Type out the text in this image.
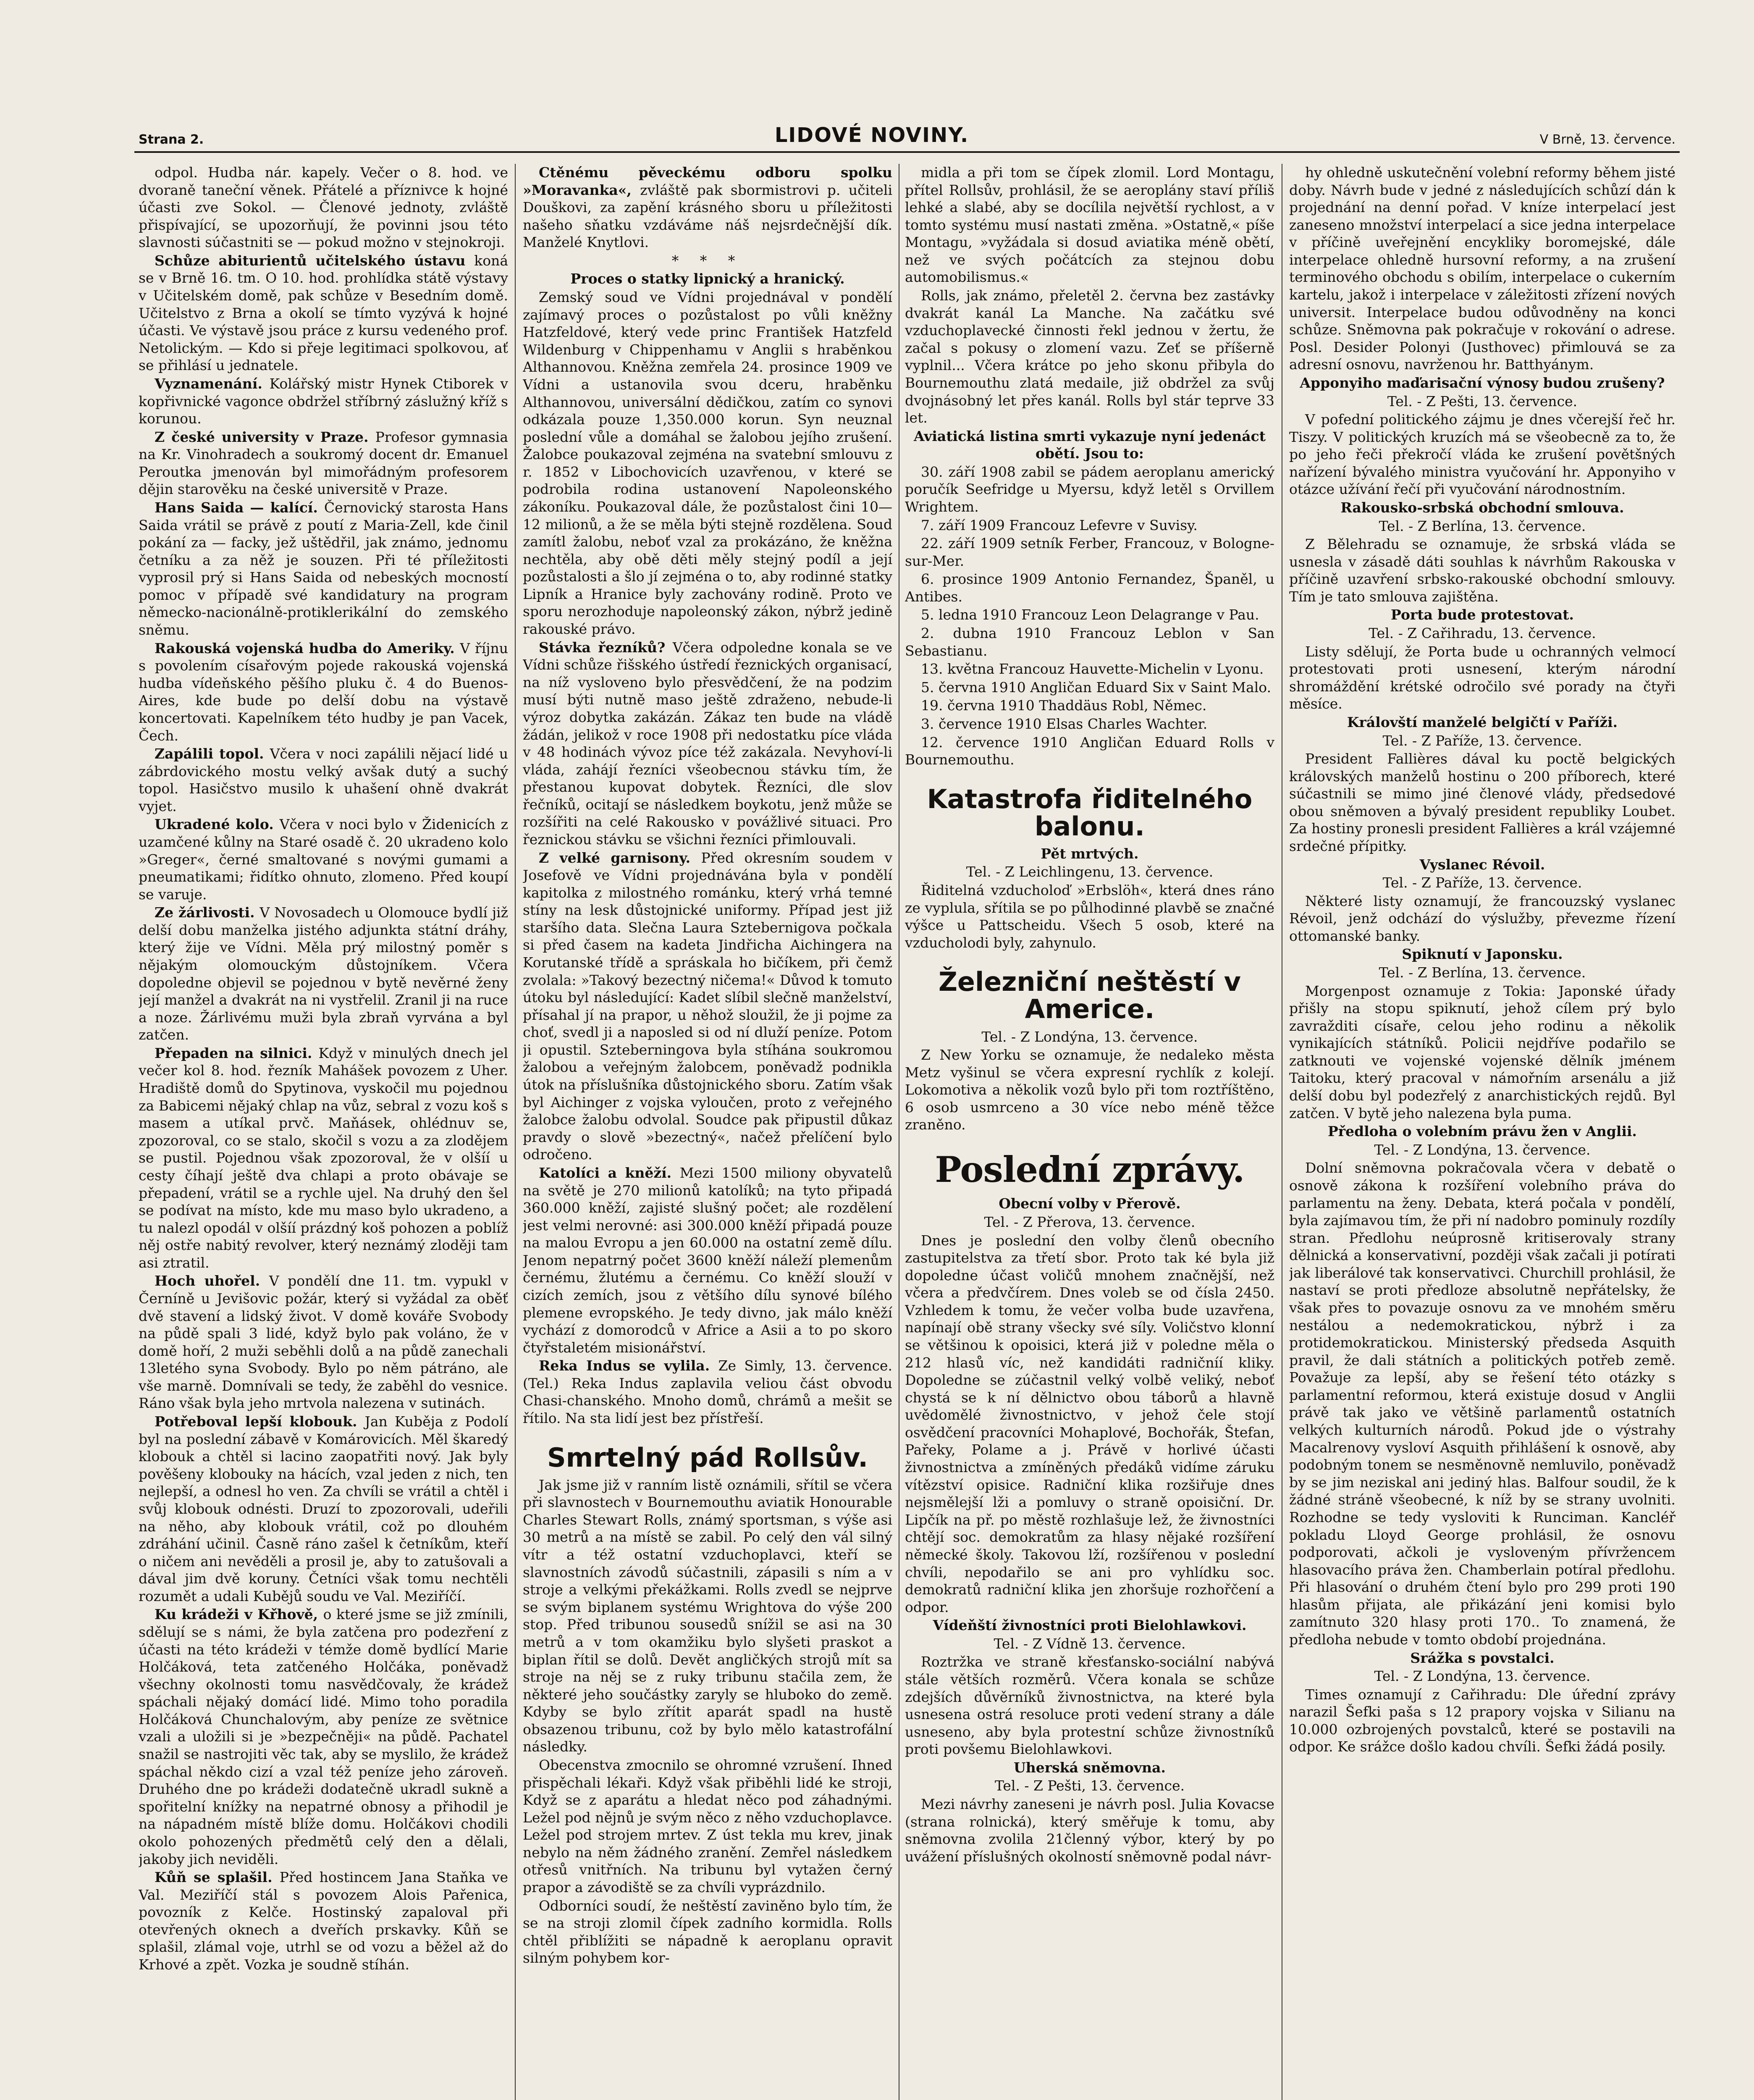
Strana 2.	LIDOVÉ NOVINY.	V Brně, 13. července.

odpol. Hudba nár. kapely. Večer o 8. hod. ve dvoraně taneční věnek. Přátelé a příznivce k hojné účasti zve Sokol. — Členové jednoty, zvláště přispívající, se upozorňují, že povinni jsou této slavnosti súčastniti se — pokud možno v stejnokroji.

Schůze abiturientů učitelského ústavu koná se v Brně 16. tm. O 10. hod. prohlídka státě výstavy v Učitelském domě, pak schůze v Besedním domě. Učitelstvo z Brna a okolí se tímto vyzývá k hojné účasti. Ve výstavě jsou práce z kursu vedeného prof. Netolickým. — Kdo si přeje legitimaci spolkovou, ať se přihlásí u jednatele.

Vyznamenání. Kolářský mistr Hynek Ctiborek v kopřivnické vagonce obdržel stříbrný záslužný kříž s korunou.

Z české university v Praze. Profesor gymnasia na Kr. Vinohradech a soukromý docent dr. Emanuel Peroutka jmenován byl mimořádným profesorem dějin starověku na české universitě v Praze.

Hans Saida — kalící. Černovický starosta Hans Saida vrátil se právě z poutí z Maria-Zell, kde činil pokání za — facky, jež uštědřil, jak známo, jednomu četníku a za něž je souzen. Při té příležitosti vyprosil prý si Hans Saida od nebeských mocností pomoc v případě své kandidatury na program německo-nacionálně-protiklerikální do zemského sněmu.

Rakouská vojenská hudba do Ameriky. V říjnu s povolením císařovým pojede rakouská vojenská hudba vídeňského pěšího pluku č. 4 do Buenos-Aires, kde bude po delší dobu na výstavě koncertovati. Kapelníkem této hudby je pan Vacek, Čech.

Zapálili topol. Včera v noci zapálili nějací lidé u zábrdovického mostu velký avšak dutý a suchý topol. Hasičstvo musilo k uhašení ohně dvakrát vyjet.

Ukradené kolo. Včera v noci bylo v Židenicích z uzamčené kůlny na Staré osadě č. 20 ukradeno kolo »Greger«, černé smaltované s novými gumami a pneumatikami; řidítko ohnuto, zlomeno. Před koupí se varuje.

Ze žárlivosti. V Novosadech u Olomouce bydlí již delší dobu manželka jistého adjunkta státní dráhy, který žije ve Vídni. Měla prý milostný poměr s nějakým olomouckým důstojníkem. Včera dopoledne objevil se pojednou v bytě nevěrné ženy její manžel a dvakrát na ni vystřelil. Zranil ji na ruce a noze. Žárlivému muži byla zbraň vyrvána a byl zatčen.

Přepaden na silnici. Když v minulých dnech jel večer kol 8. hod. řezník Mahášek povozem z Uher. Hradiště domů do Spytinova, vyskočil mu pojednou za Babicemi nějaký chlap na vůz, sebral z vozu koš s masem a utíkal prvč. Maňásek, ohlédnuv se, zpozoroval, co se stalo, skočil s vozu a za zlodějem se pustil. Pojednou však zpozoroval, že v olšíí u cesty číhají ještě dva chlapi a proto obávaje se přepadení, vrátil se a rychle ujel. Na druhý den šel se podívat na místo, kde mu maso bylo ukradeno, a tu nalezl opodál v olšíí prázdný koš pohozen a poblíž něj ostře nabitý revolver, který neznámý zloději tam asi ztratil.

Hoch uhořel. V pondělí dne 11. tm. vypukl v Černíně u Jevišovic požár, který si vyžádal za oběť dvě stavení a lidský život. V domě kováře Svobody na půdě spali 3 lidé, když bylo pak voláno, že v domě hoří, 2 muži seběhli dolů a na půdě zanechali 13letého syna Svobody. Bylo po něm pátráno, ale vše marně. Domnívali se tedy, že zaběhl do vesnice. Ráno však byla jeho mrtvola nalezena v sutinách.

Potřeboval lepší klobouk. Jan Kuběja z Podolí byl na poslední zábavě v Komárovicích. Měl škaredý klobouk a chtěl si lacino zaopatřiti nový. Jak byly pověšeny klobouky na hácích, vzal jeden z nich, ten nejlepší, a odnesl ho ven. Za chvíli se vrátil a chtěl i svůj klobouk odnésti. Druzí to zpozorovali, udeřili na něho, aby klobouk vrátil, což po dlouhém zdráhání učinil. Časně ráno zašel k četníkům, kteří o ničem ani nevěděli a prosil je, aby to zatušovali a dával jim dvě koruny. Četníci však tomu nechtěli rozumět a udali Kubějů soudu ve Val. Meziříčí.

Ku krádeži v Křhově, o které jsme se již zmínili, sdělují se s námi, že byla zatčena pro podezření z účasti na této krádeži v témže domě bydlící Marie Holčáková, teta zatčeného Holčáka, poněvadž všechny okolnosti tomu nasvědčovaly, že krádež spáchali nějaký domácí lidé. Mimo toho poradila Holčáková Chunchalovým, aby peníze ze světnice vzali a uložili si je »bezpečněji« na půdě. Pachatel snažil se nastrojiti věc tak, aby se myslilo, že krádež spáchal někdo cizí a vzal též peníze jeho zároveň. Druhého dne po krádeži dodatečně ukradl sukně a spořitelní knížky na nepatrné obnosy a přihodil je na nápadném místě blíže domu. Holčákovi chodili okolo pohozených předmětů celý den a dělali, jakoby jich neviděli.

Kůň se splašil. Před hostincem Jana Staňka ve Val. Meziříčí stál s povozem Alois Pařenica, povozník z Kelče. Hostinský zapaloval při otevřených oknech a dveřích prskavky. Kůň se splašil, zlámal voje, utrhl se od vozu a běžel až do Krhové a zpět. Vozka je soudně stíhán.

Ctěnému pěveckému odboru spolku »Moravanka«, zvláště pak sbormistrovi p. učiteli Douškovi, za zapění krásného sboru u příležitosti našeho sňatku vzdáváme náš nejsrdečnější dík. Manželé Knytlovi.

* * *

Proces o statky lipnický a hranický.

Zemský soud ve Vídni projednával v pondělí zajímavý proces o pozůstalost po vůli kněžny Hatzfeldové, který vede princ František Hatzfeld Wildenburg v Chippenhamu v Anglii s hraběnkou Althannovou. Kněžna zemřela 24. prosince 1909 ve Vídni a ustanovila svou dceru, hraběnku Althannovou, universální dědičkou, zatím co synovi odkázala pouze 1,350.000 korun. Syn neuznal poslední vůle a domáhal se žalobou jejího zrušení. Žalobce poukazoval zejména na svatební smlouvu z r. 1852 v Libochovicích uzavřenou, v které se podrobila rodina ustanovení Napoleonského zákoníku. Poukazoval dále, že pozůstalost čini 10—12 milionů, a že se měla býti stejně rozdělena. Soud zamítl žalobu, neboť vzal za prokázáno, že kněžna nechtěla, aby obě děti měly stejný podíl a její pozůstalosti a šlo jí zejména o to, aby rodinné statky Lipník a Hranice byly zachovány rodině. Proto ve sporu nerozhoduje napoleonský zákon, nýbrž jedině rakouské právo.

Stávka řezníků? Včera odpoledne konala se ve Vídni schůze řišského ústředí řeznických organisací, na níž vysloveno bylo přesvědčení, že na podzim musí býti nutně maso ještě zdraženo, nebude-li výroz dobytka zakázán. Zákaz ten bude na vládě žádán, jelikož v roce 1908 při nedostatku píce vláda v 48 hodinách vývoz píce též zakázala. Nevyhoví-li vláda, zahájí řezníci všeobecnou stávku tím, že přestanou kupovat dobytek. Řezníci, dle slov řečníků, ocitají se následkem boykotu, jenž může se rozšířiti na celé Rakousko v povážlivé situaci. Pro řeznickou stávku se všichni řezníci přimlouvali.

Z velké garnisony. Před okresním soudem v Josefově ve Vídni projednávána byla v pondělí kapitolka z milostného románku, který vrhá temné stíny na lesk důstojnické uniformy. Případ jest již staršího data. Slečna Laura Sztebernigova počkala si před časem na kadeta Jindřicha Aichingera na Korutanské třídě a spráskala ho bičíkem, při čemž zvolala: »Takový bezectný ničema!« Důvod k tomuto útoku byl následující: Kadet slíbil slečně manželství, přísahal jí na prapor, u něhož sloužil, že ji pojme za choť, svedl ji a naposled si od ní dluží peníze. Potom ji opustil. Szteberningova byla stíhána soukromou žalobou a veřejným žalobcem, poněvadž podnikla útok na příslušníka důstojnického sboru. Zatím však byl Aichinger z vojska vyloučen, proto z veřejného žalobce žalobu odvolal. Soudce pak připustil důkaz pravdy o slově »bezectný«, načež přelíčení bylo odročeno.

Katolíci a kněží. Mezi 1500 miliony obyvatelů na světě je 270 milionů katolíků; na tyto připadá 360.000 kněží, zajisté slušný počet; ale rozdělení jest velmi nerovné: asi 300.000 kněží připadá pouze na malou Evropu a jen 60.000 na ostatní země dílu. Jenom nepatrný počet 3600 kněží náleží plemenům černému, žlutému a černému. Co kněží slouží v cizích zemích, jsou z většího dílu synové bílého plemene evropského. Je tedy divno, jak málo kněží vychází z domorodců v Africe a Asii a to po skoro čtyřstaletém misionářství.

Reka Indus se vylila. Ze Simly, 13. července. (Tel.) Reka Indus zaplavila veliou část obvodu Chasi-chanského. Mnoho domů, chrámů a mešit se řítilo. Na sta lidí jest bez přístřeší.

Smrtelný pád Rollsův.

Jak jsme již v ranním listě oznámili, sřítil se včera při slavnostech v Bournemouthu aviatik Honourable Charles Stewart Rolls, známý sportsman, s výše asi 30 metrů a na místě se zabil. Po celý den vál silný vítr a též ostatní vzduchoplavci, kteří se slavnostních závodů súčastnili, zápasili s ním a v stroje a velkými překážkami. Rolls zvedl se nejprve se svým biplanem systému Wrightova do výše 200 stop. Před tribunou sousedů snížil se asi na 30 metrů a v tom okamžiku bylo slyšeti praskot a biplan řítil se dolů. Devět angličkých strojů mít sa stroje na něj se z ruky tribunu stačila zem, že některé jeho součástky zaryly se hluboko do země. Kdyby se bylo zřítit aparát spadl na hustě obsazenou tribunu, což by bylo mělo katastrofální následky.

Obecenstva zmocnilo se ohromné vzrušení. Ihned přispěchali lékaři. Když však přiběhli lidé ke stroji, Když se z aparátu a hledat něco pod záhadnými. Ležel pod nějnů je svým něco z něho vzduchoplavce. Ležel pod strojem mrtev. Z úst tekla mu krev, jinak nebylo na něm žádného zranění. Zemřel následkem otřesů vnitřních. Na tribunu byl vytažen černý prapor a závodiště se za chvíli vyprázdnilo.

Odborníci soudí, že neštěstí zaviněno bylo tím, že se na stroji zlomil čípek zadního kormidla. Rolls chtěl přiblížiti se nápadně k aeroplanu opravit silným pohybem kor-

midla a při tom se čípek zlomil. Lord Montagu, přítel Rollsův, prohlásil, že se aeroplány staví příliš lehké a slabé, aby se docílila největší rychlost, a v tomto systému musí nastati změna. »Ostatně,« píše Montagu, »vyžádala si dosud aviatika méně obětí, než ve svých počátcích za stejnou dobu automobilismus.«

Rolls, jak známo, přeletěl 2. června bez zastávky dvakrát kanál La Manche. Na začátku své vzduchoplavecké činnosti řekl jednou v žertu, že začal s pokusy o zlomení vazu. Zeť se příšerně vyplnil... Včera krátce po jeho skonu přibyla do Bournemouthu zlatá medaile, již obdržel za svůj dvojnásobný let přes kanál. Rolls byl stár teprve 33 let.

Aviatická listina smrti vykazuje nyní jedenáct obětí. Jsou to:

30. září 1908 zabil se pádem aeroplanu americký poručík Seefridge u Myersu, když letěl s Orvillem Wrightem.

7. září 1909 Francouz Lefevre v Suvisy.

22. září 1909 setník Ferber, Francouz, v Bologne-sur-Mer.

6. prosince 1909 Antonio Fernandez, Španěl, u Antibes.

5. ledna 1910 Francouz Leon Delagrange v Pau.

2. dubna 1910 Francouz Leblon v San Sebastianu.

13. května Francouz Hauvette-Michelin v Lyonu.

5. června 1910 Angličan Eduard Six v Saint Malo.

19. června 1910 Thaddäus Robl, Němec.

3. července 1910 Elsas Charles Wachter.

12. července 1910 Angličan Eduard Rolls v Bournemouthu.

Katastrofa řiditelného balonu.

Pět mrtvých.

Tel. - Z Leichlingenu, 13. července.

Řiditelná vzducholoď »Erbslöh«, která dnes ráno ze vyplula, sřítila se po půlhodinné plavbě se značné výšce u Pattscheidu. Všech 5 osob, které na vzducholodi byly, zahynulo.

Železniční neštěstí v Americe.

Tel. - Z Londýna, 13. července.

Z New Yorku se oznamuje, že nedaleko města Metz vyšinul se včera expresní rychlík z kolejí. Lokomotiva a několik vozů bylo při tom roztříštěno, 6 osob usmrceno a 30 více nebo méně těžce zraněno.

Poslední zprávy.

Obecní volby v Přerově.

Tel. - Z Přerova, 13. července.

Dnes je poslední den volby členů obecního zastupitelstva za třetí sbor. Proto tak ké byla již dopoledne účast voličů mnohem značnější, než včera a předvčírem. Dnes voleb se od čísla 2450. Vzhledem k tomu, že večer volba bude uzavřena, napínají obě strany všecky své síly. Voličstvo klonní se většinou k opoisici, která již v poledne měla o 212 hlasů víc, než kandidáti radničníí kliky. Dopoledne se zúčastnil velký volbě veliký, neboť chystá se k ní dělnictvo obou táborů a hlavně uvědomělé živnostnictvo, v jehož čele stojí osvědčení pracovníci Mohaplové, Bochořák, Štefan, Pařeky, Polame a j. Právě v horlivé účasti živnostnictva a zmíněných předáků vidíme záruku vítězství opisice. Radniční klika rozšiřuje dnes nejsmělejší lži a pomluvy o straně opoisiční. Dr. Lipčík na př. po městě rozhlašuje lež, že živnostníci chtějí soc. demokratům za hlasy nějaké rozšíření německé školy. Takovou lží, rozšířenou v poslední chvíli, nepodařilo se ani pro vyhlídku soc. demokratů radniční klika jen zhoršuje rozhořčení a odpor.

Vídeňští živnostníci proti Bielohlawkovi.

Tel. - Z Vídně 13. července.

Roztržka ve straně křesťansko-sociální nabývá stále větších rozměrů. Včera konala se schůze zdejších důvěrníků živnostnictva, na které byla usnesena ostrá resoluce proti vedení strany a dále usneseno, aby byla protestní schůze živnostníků proti povšemu Bielohlawkovi.

Uherská sněmovna.

Tel. - Z Pešti, 13. července.

Mezi návrhy zaneseni je návrh posl. Julia Kovacse (strana rolnická), který směřuje k tomu, aby sněmovna zvolila 21členný výbor, který by po uvážení příslušných okolností sněmovně podal návr-

hy ohledně uskutečnění volební reformy během jisté doby. Návrh bude v jedné z následujících schůzí dán k projednání na denní pořad. V kníze interpelací jest zaneseno množství interpelací a sice jedna interpelace v příčině uveřejnění encykliky boromejské, dále interpelace ohledně hursovní reformy, a na zrušení terminového obchodu s obilím, interpelace o cukerním kartelu, jakož i interpelace v záležitosti zřízení nových universit. Interpelace budou odůvodněny na konci schůze. Sněmovna pak pokračuje v rokování o adrese. Posl. Desider Polonyi (Justhovec) přimlouvá se za adresní osnovu, navrženou hr. Batthyánym.

Apponyiho maďarisační výnosy budou zrušeny?

Tel. - Z Pešti, 13. července.

V pofední politického zájmu je dnes včerejší řeč hr. Tiszy. V politických kruzích má se všeobecně za to, že po jeho řeči překročí vláda ke zrušení povětšných nařízení bývalého ministra vyučování hr. Apponyiho v otázce užívání řečí při vyučování národnostním.

Rakousko-srbská obchodní smlouva.

Tel. - Z Berlína, 13. července.

Z Bělehradu se oznamuje, že srbská vláda se usnesla v zásadě dáti souhlas k návrhům Rakouska v příčině uzavření srbsko-rakouské obchodní smlouvy. Tím je tato smlouva zajištěna.

Porta bude protestovat.

Tel. - Z Cařihradu, 13. července.

Listy sdělují, že Porta bude u ochranných velmocí protestovati proti usnesení, kterým národní shromáždění krétské odročilo své porady na čtyři měsíce.

Královští manželé belgičtí v Paříži.

Tel. - Z Paříže, 13. července.

President Fallières dával ku poctě belgických královských manželů hostinu o 200 příborech, které súčastnili se mimo jiné členové vlády, předsedové obou sněmoven a bývalý president republiky Loubet. Za hostiny pronesli president Fallières a král vzájemné srdečné přípitky.

Vyslanec Révoil.

Tel. - Z Paříže, 13. července.

Některé listy oznamují, že francouzský vyslanec Révoil, jenž odchází do výslužby, převezme řízení ottomanské banky.

Spiknutí v Japonsku.

Tel. - Z Berlína, 13. července.

Morgenpost oznamuje z Tokia: Japonské úřady přišly na stopu spiknutí, jehož cílem prý bylo zavražditi císaře, celou jeho rodinu a několik vynikajících státníků. Policii nejdříve podařilo se zatknouti ve vojenské vojenské dělník jménem Taitoku, který pracoval v námořním arsenálu a již delší dobu byl podezřelý z anarchistických rejdů. Byl zatčen. V bytě jeho nalezena byla puma.

Předloha o volebním právu žen v Anglii.

Tel. - Z Londýna, 13. července.

Dolní sněmovna pokračovala včera v debatě o osnově zákona k rozšíření volebního práva do parlamentu na ženy. Debata, která počala v pondělí, byla zajímavou tím, že při ní nadobro pominuly rozdíly stran. Předlohu neúprosně kritiserovaly strany dělnická a konservativní, později však začali ji potírati jak liberálové tak konservativci. Churchill prohlásil, že nastaví se proti předloze absolutně nepřátelsky, že však přes to povazuje osnovu za ve mnohém směru nestálou a nedemokratickou, nýbrž i za protidemokratickou. Ministerský předseda Asquith pravil, že dali státních a politických potřeb země. Považuje za lepší, aby se řešení této otázky s parlamentní reformou, která existuje dosud v Anglii právě tak jako ve většině parlamentů ostatních velkých kulturních národů. Pokud jde o výstrahy Macalrenovy vysloví Asquith přihlášení k osnově, aby podobným tonem se nesměnovně nemluvilo, poněvadž by se jim neziskal ani jediný hlas. Balfour soudil, že k žádné stráně všeobecné, k níž by se strany uvolniti. Rozhodne se tedy vysloviti k Runciman. Kancléř pokladu Lloyd George prohlásil, že osnovu podporovati, ačkoli je vysloveným přívržencem hlasovacího práva žen. Chamberlain potíral předlohu. Při hlasování o druhém čtení bylo pro 299 proti 190 hlasům přijata, ale přikázání jeni komisi bylo zamítnuto 320 hlasy proti 170.. To znamená, že předloha nebude v tomto období projednána.

Srážka s povstalci.

Tel. - Z Londýna, 13. července.

Times oznamují z Cařihradu: Dle úřední zprávy narazil Šefki paša s 12 prapory vojska v Silianu na 10.000 ozbrojených povstalců, které se postavili na odpor. Ke srážce došlo kadou chvíli. Šefki žádá posily.
